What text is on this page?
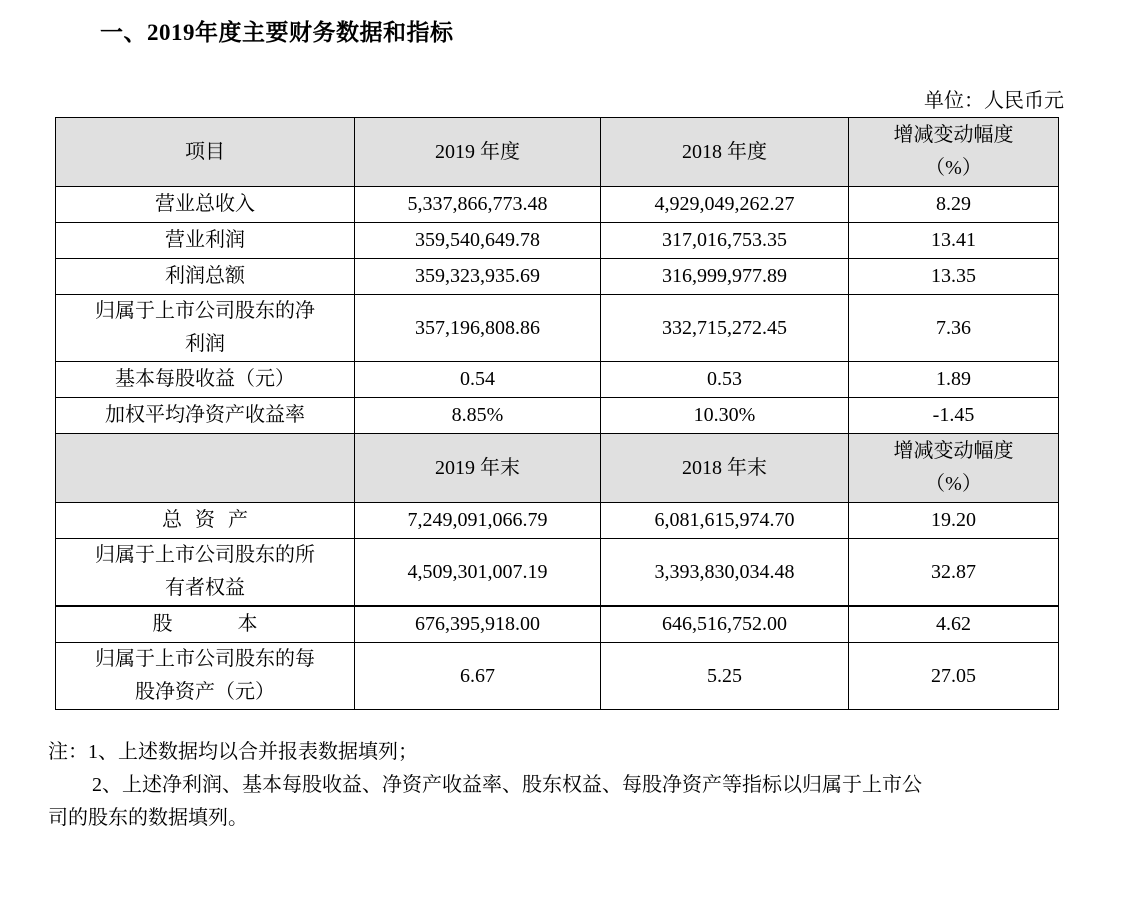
一、2019年度主要财务数据和指标
单位：人民币元
项目	2019 年度	2018 年度	增减变动幅度
（%）

营业总收入	5,337,866,773.48	4,929,049,262.27	8.29
营业利润	359,540,649.78	317,016,753.35	13.41
利润总额	359,323,935.69	316,999,977.89	13.35

归属于上市公司股东的净
利润	357,196,808.86	332,715,272.45	7.36
基本每股收益（元）	0.54	0.53	1.89
加权平均净资产收益率	8.85%	10.30%	-1.45
	2019 年末	2018 年末	增减变动幅度
（%）

总 资 产	7,249,091,066.79	6,081,615,974.70	19.20

归属于上市公司股东的所
有者权益	4,509,301,007.19	3,393,830,034.48	32.87
股 本	676,395,918.00	646,516,752.00	4.62

归属于上市公司股东的每
股净资产（元）	6.67	5.25	27.05
注：1、上述数据均以合并报表数据填列；
2、上述净利润、基本每股收益、净资产收益率、股东权益、每股净资产等指标以归属于上市公
司的股东的数据填列。
